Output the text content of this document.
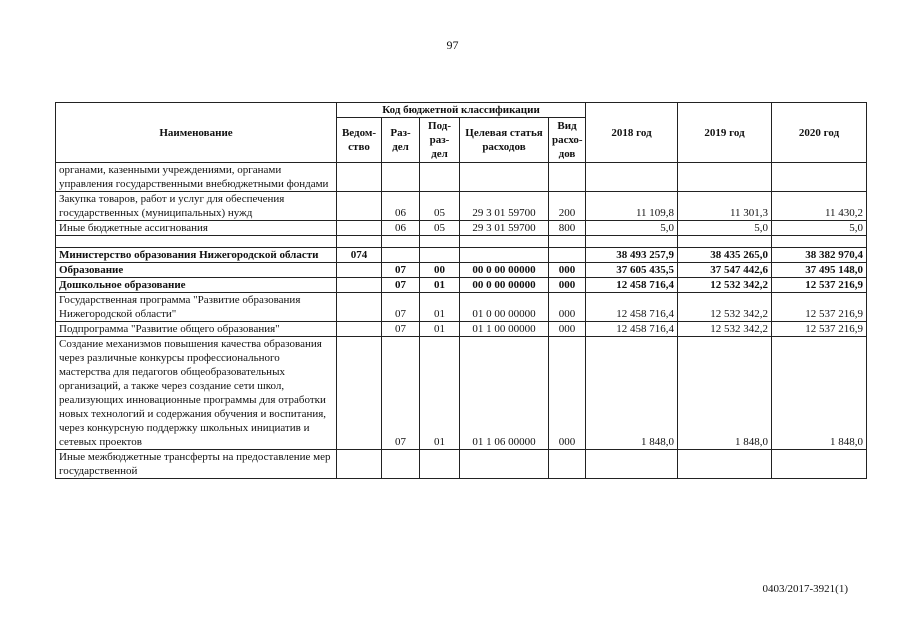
97
Наименование	Код бюджетной классификации					2018 год	2019 год	2020 год
	Ведом-ство	Раз-дел	Под-раз-дел	Целевая статья расходов	Вид расхо-дов			
органами, казенными учреждениями, органами управления государственными внебюджетными фондами								
Закупка товаров, работ и услуг для обеспечения государственных (муниципальных) нужд		06	05	29 3 01 59700	200	11 109,8	11 301,3	11 430,2
Иные бюджетные ассигнования		06	05	29 3 01 59700	800	5,0	5,0	5,0

Министерство образования Нижегородской области	074					38 493 257,9	38 435 265,0	38 382 970,4
Образование		07	00	00 0 00 00000	000	37 605 435,5	37 547 442,6	37 495 148,0
Дошкольное образование		07	01	00 0 00 00000	000	12 458 716,4	12 532 342,2	12 537 216,9
Государственная программа "Развитие образования Нижегородской области"		07	01	01 0 00 00000	000	12 458 716,4	12 532 342,2	12 537 216,9
Подпрограмма "Развитие общего образования"		07	01	01 1 00 00000	000	12 458 716,4	12 532 342,2	12 537 216,9
Создание механизмов повышения качества образования через различные конкурсы профессионального мастерства для педагогов общеобразовательных организаций, а также через создание сети школ, реализующих инновационные программы для отработки новых технологий и содержания обучения и воспитания, через конкурсную поддержку школьных инициатив и сетевых проектов		07	01	01 1 06 00000	000	1 848,0	1 848,0	1 848,0
Иные межбюджетные трансферты на предоставление мер государственной								
0403/2017-3921(1)
